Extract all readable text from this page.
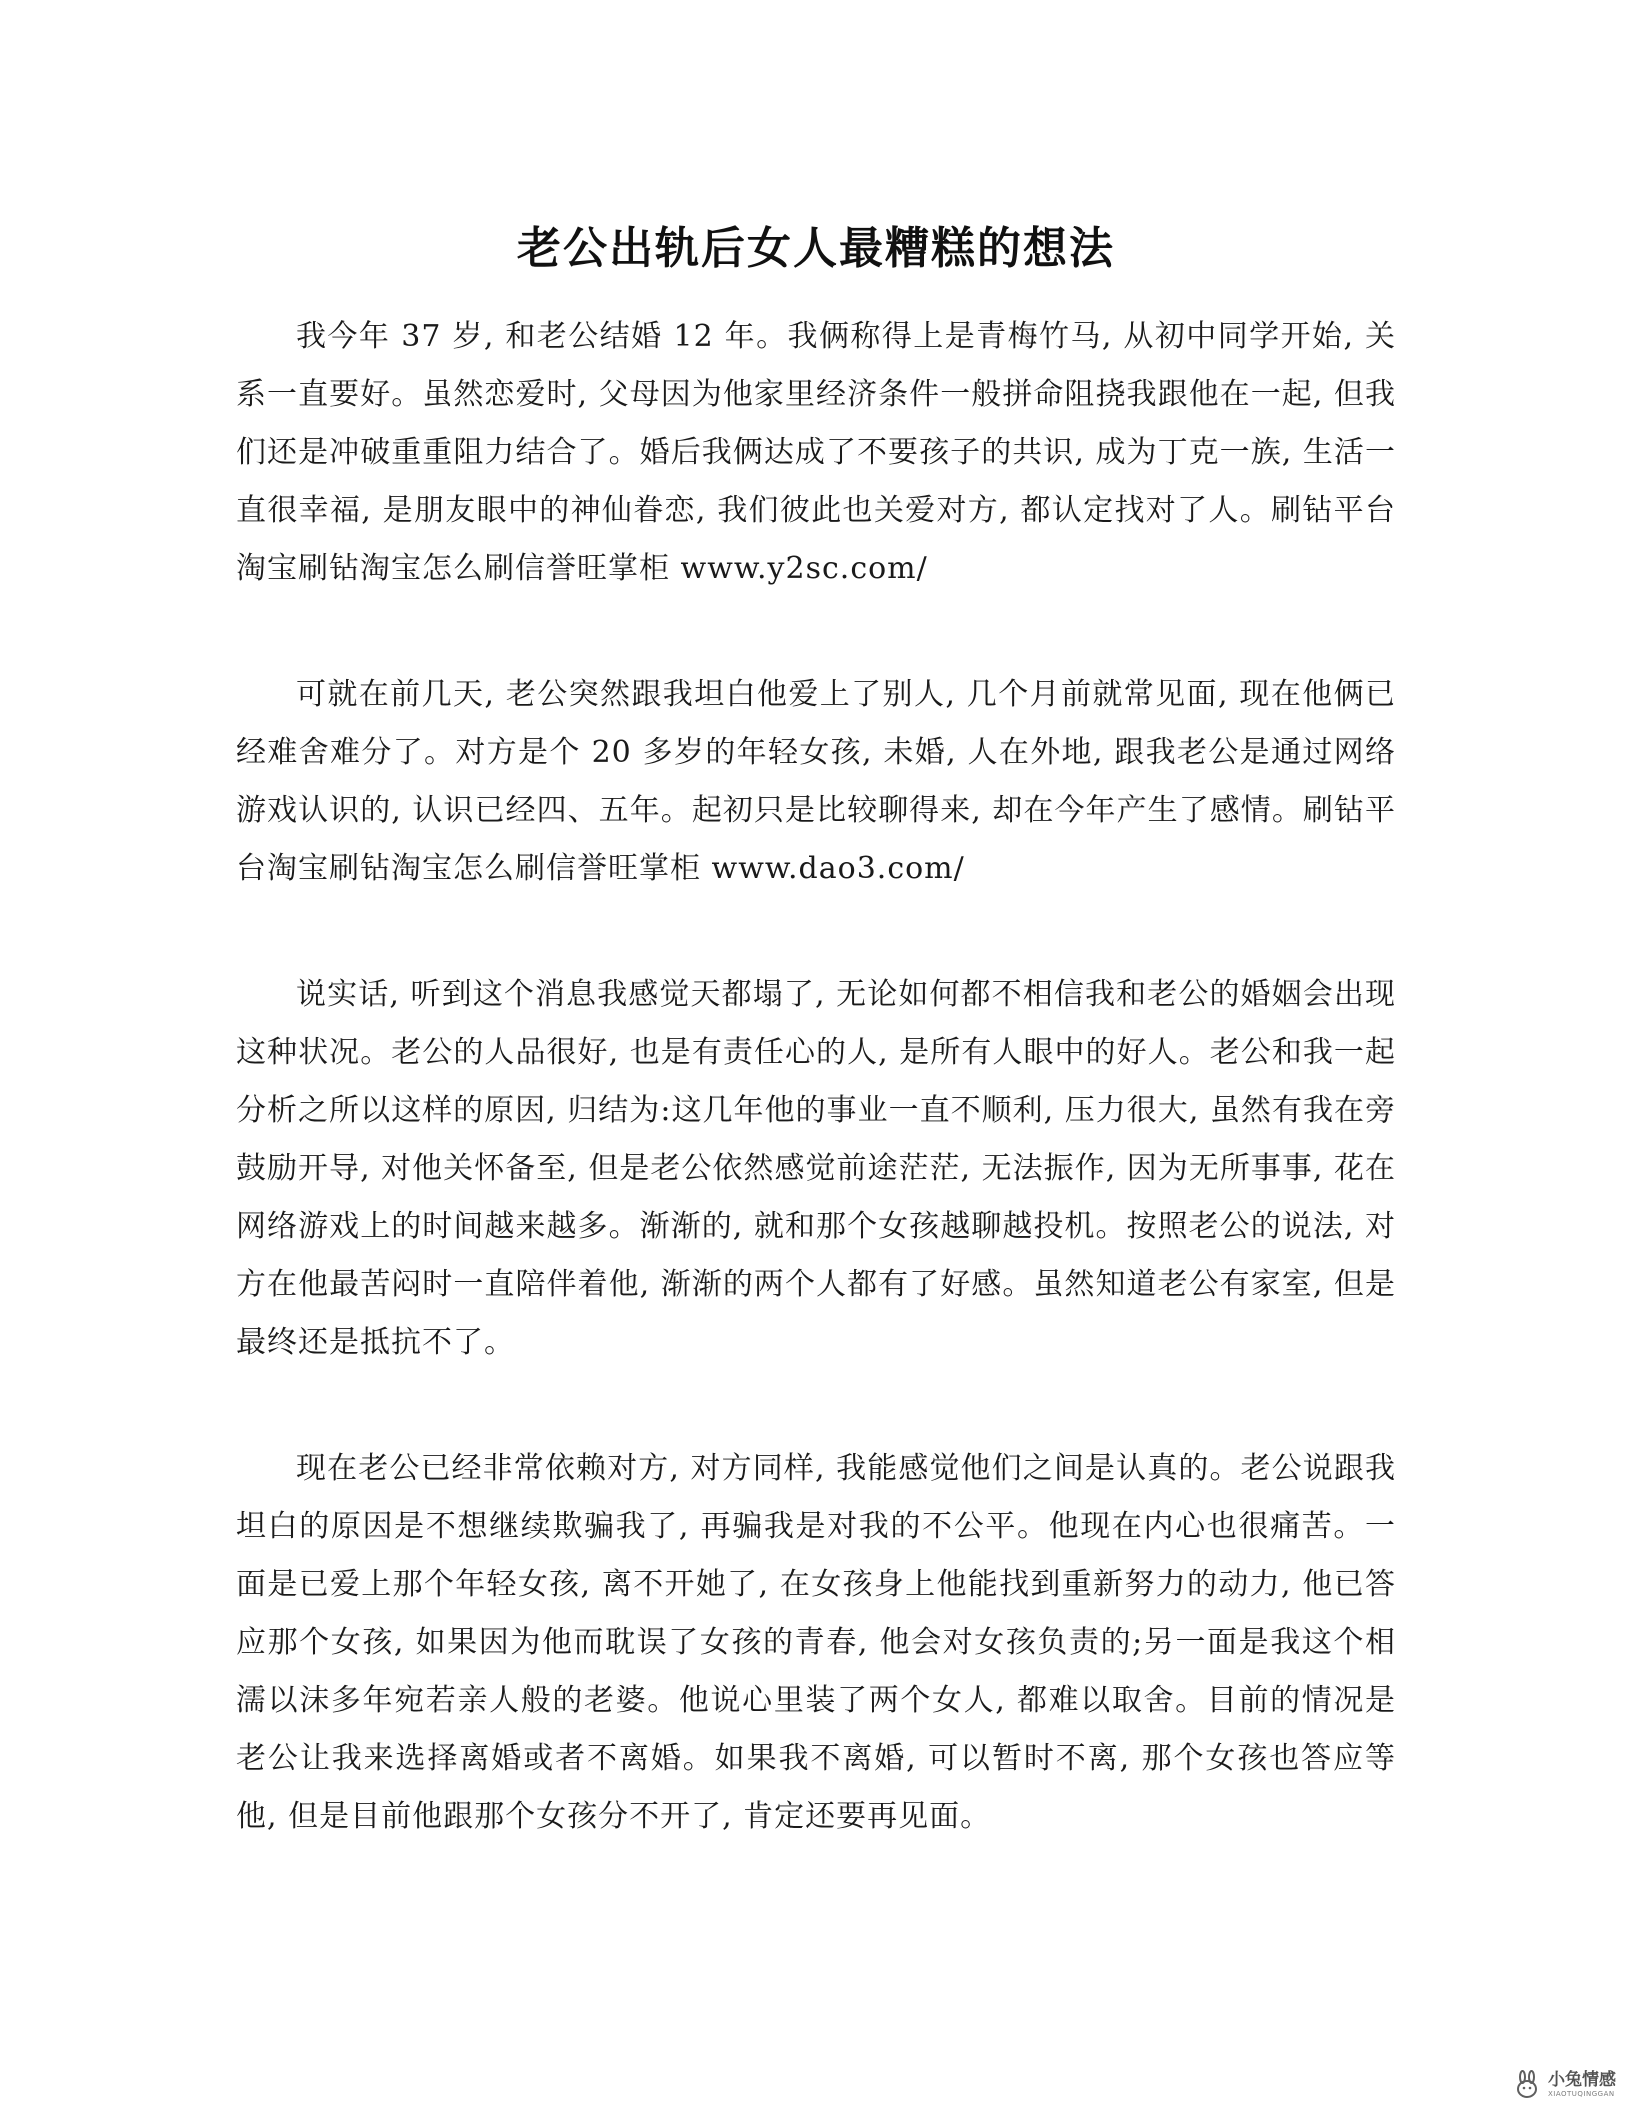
老公出轨后女人最糟糕的想法

我今年 37 岁, 和老公结婚 12 年。我俩称得上是青梅竹马, 从初中同学开始, 关系一直要好。虽然恋爱时, 父母因为他家里经济条件一般拼命阻挠我跟他在一起, 但我们还是冲破重重阻力结合了。婚后我俩达成了不要孩子的共识, 成为丁克一族, 生活一直很幸福, 是朋友眼中的神仙眷恋, 我们彼此也关爱对方, 都认定找对了人。刷钻平台淘宝刷钻淘宝怎么刷信誉旺掌柜 www.y2sc.com/

可就在前几天, 老公突然跟我坦白他爱上了别人, 几个月前就常见面, 现在他俩已经难舍难分了。对方是个 20 多岁的年轻女孩, 未婚, 人在外地, 跟我老公是通过网络游戏认识的, 认识已经四、五年。起初只是比较聊得来, 却在今年产生了感情。刷钻平台淘宝刷钻淘宝怎么刷信誉旺掌柜 www.dao3.com/

说实话, 听到这个消息我感觉天都塌了, 无论如何都不相信我和老公的婚姻会出现这种状况。老公的人品很好, 也是有责任心的人, 是所有人眼中的好人。老公和我一起分析之所以这样的原因, 归结为:这几年他的事业一直不顺利, 压力很大, 虽然有我在旁鼓励开导, 对他关怀备至, 但是老公依然感觉前途茫茫, 无法振作, 因为无所事事, 花在网络游戏上的时间越来越多。渐渐的, 就和那个女孩越聊越投机。按照老公的说法, 对方在他最苦闷时一直陪伴着他, 渐渐的两个人都有了好感。虽然知道老公有家室, 但是最终还是抵抗不了。

现在老公已经非常依赖对方, 对方同样, 我能感觉他们之间是认真的。老公说跟我坦白的原因是不想继续欺骗我了, 再骗我是对我的不公平。他现在内心也很痛苦。一面是已爱上那个年轻女孩, 离不开她了, 在女孩身上他能找到重新努力的动力, 他已答应那个女孩, 如果因为他而耽误了女孩的青春, 他会对女孩负责的;另一面是我这个相濡以沫多年宛若亲人般的老婆。他说心里装了两个女人, 都难以取舍。目前的情况是老公让我来选择离婚或者不离婚。如果我不离婚, 可以暂时不离, 那个女孩也答应等他, 但是目前他跟那个女孩分不开了, 肯定还要再见面。

小兔情感
XIAOTUQINGGAN
